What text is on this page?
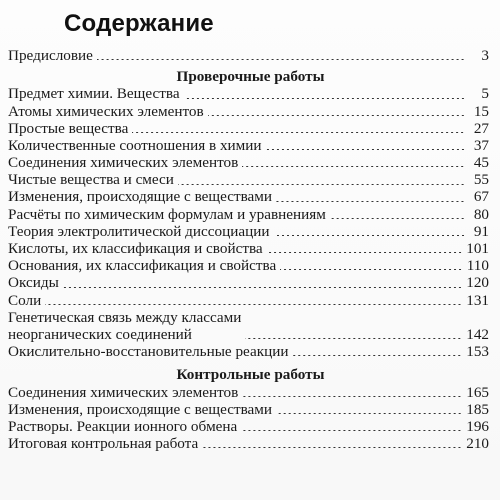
Содержание
Предисловие	3
Проверочные работы
Предмет химии. Вещества	5
Атомы химических элементов	15
Простые вещества	27
Количественные соотношения в химии	37
Соединения химических элементов	45
Чистые вещества и смеси	55
Изменения, происходящие с веществами	67
Расчёты по химическим формулам и уравнениям	80
Теория электролитической диссоциации	91
Кислоты, их классификация и свойства	101
Основания, их классификация и свойства	110
Оксиды	120
Соли	131
Генетическая связь между классами
неорганических соединений	142
Окислительно-восстановительные реакции	153
Контрольные работы
Соединения химических элементов	165
Изменения, происходящие с веществами	185
Растворы. Реакции ионного обмена	196
Итоговая контрольная работа	210
